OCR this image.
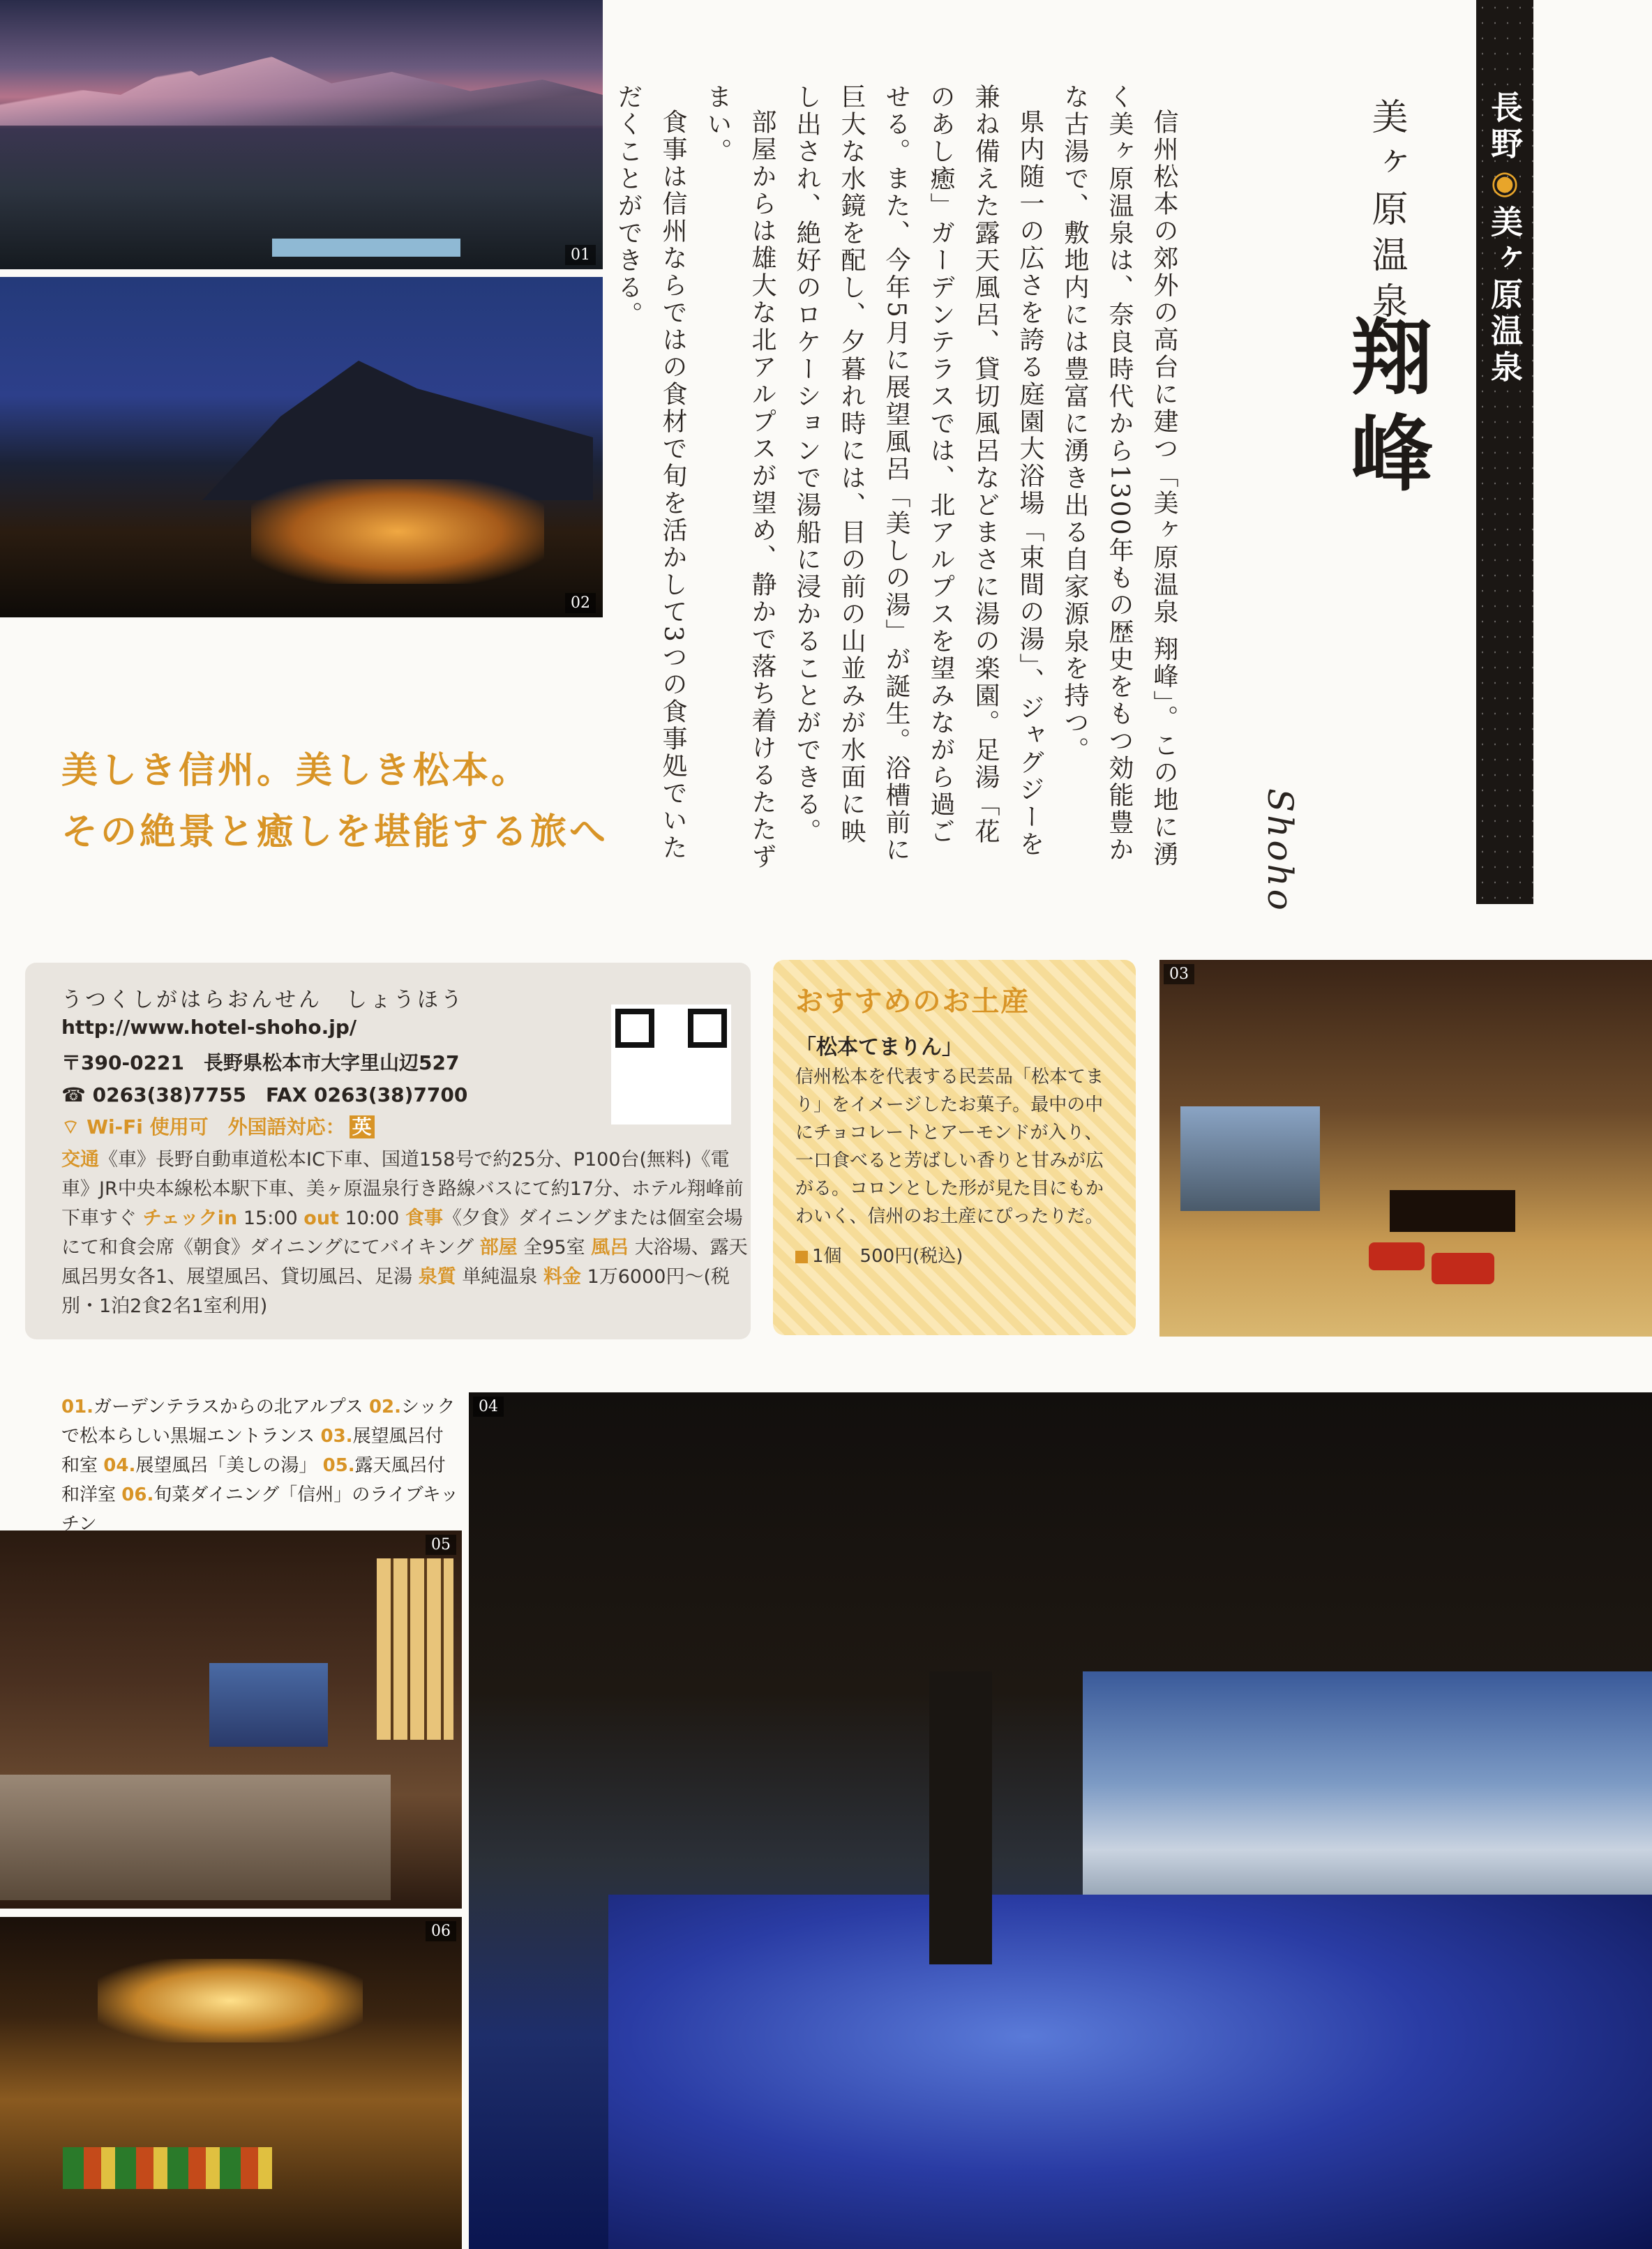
01
02
03
04
05
06
長野◉美ヶ原温泉
美ヶ原温泉
翔峰
Shoho

信州松本の郊外の高台に建つ「美ヶ原温泉 翔峰」。この地に湧く美ヶ原温泉は、奈良時代から1300年もの歴史をもつ効能豊かな古湯で、敷地内には豊富に湧き出る自家源泉を持つ。

県内随一の広さを誇る庭園大浴場「束間の湯」、ジャグジーを兼ね備えた露天風呂、貸切風呂などまさに湯の楽園。足湯「花のあし癒」ガーデンテラスでは、北アルプスを望みながら過ごせる。また、今年5月に展望風呂「美しの湯」が誕生。浴槽前に巨大な水鏡を配し、夕暮れ時には、目の前の山並みが水面に映し出され、絶好のロケーションで湯船に浸かることができる。

部屋からは雄大な北アルプスが望め、静かで落ち着けるたたずまい。

食事は信州ならではの食材で旬を活かして3つの食事処でいただくことができる。

美しき信州。美しき松本。
その絶景と癒しを堪能する旅へ
うつくしがはらおんせん　しょうほう
http://www.hotel-shoho.jp/
〒390-0221　長野県松本市大字里山辺527
☎ 0263(38)7755　FAX 0263(38)7700
⌔ Wi-Fi 使用可　外国語対応： 英
交通《車》長野自動車道松本IC下車、国道158号で約25分、P100台(無料)《電車》JR中央本線松本駅下車、美ヶ原温泉行き路線バスにて約17分、ホテル翔峰前下車すぐ チェックin 15:00 out 10:00 食事《夕食》ダイニングまたは個室会場にて和食会席《朝食》ダイニングにてバイキング 部屋 全95室 風呂 大浴場、露天風呂男女各1、展望風呂、貸切風呂、足湯 泉質 単純温泉 料金 1万6000円〜(税別・1泊2食2名1室利用)
おすすめのお土産
「松本てまりん」
信州松本を代表する民芸品「松本てまり」をイメージしたお菓子。最中の中にチョコレートとアーモンドが入り、一口食べると芳ばしい香りと甘みが広がる。コロンとした形が見た目にもかわいく、信州のお土産にぴったりだ。
1個　500円(税込)
01.ガーデンテラスからの北アルプス 02.シックで松本らしい黒堀エントランス 03.展望風呂付和室 04.展望風呂「美しの湯」 05.露天風呂付和洋室 06.旬菜ダイニング「信州」のライブキッチン
